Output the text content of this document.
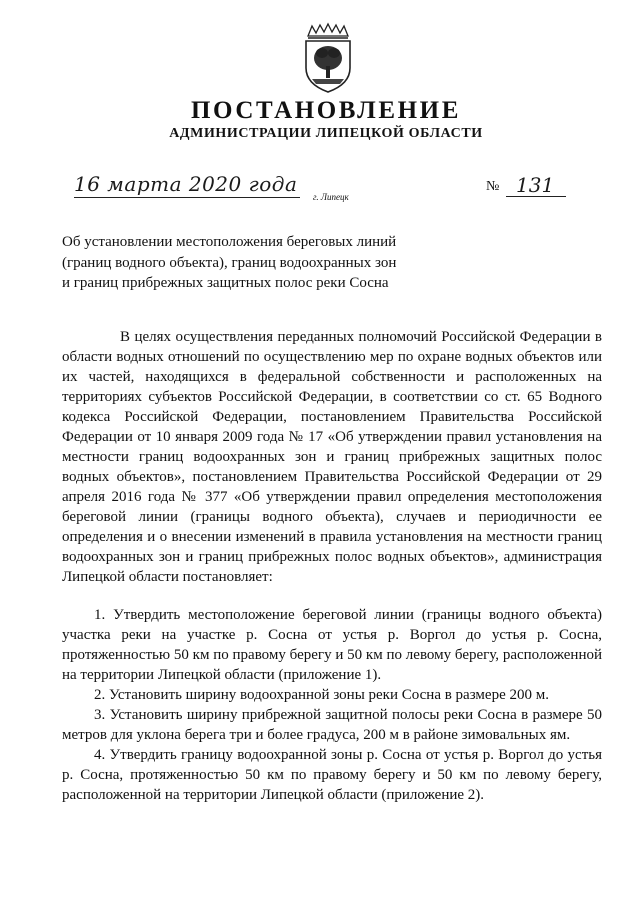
ПОСТАНОВЛЕНИЕ
АДМИНИСТРАЦИИ ЛИПЕЦКОЙ ОБЛАСТИ
16 марта 2020 года
г. Липецк
№ 131
Об установлении местоположения береговых линий (границ водного объекта), границ водоохранных зон и границ прибрежных защитных полос реки Сосна

В целях осуществления переданных полномочий Российской Федерации в области водных отношений по осуществлению мер по охране водных объектов или их частей, находящихся в федеральной собственности и расположенных на территориях субъектов Российской Федерации, в соответствии со ст. 65 Водного кодекса Российской Федерации, постановлением Правительства Российской Федерации от 10 января 2009 года № 17 «Об утверждении правил установления на местности границ водоохранных зон и границ прибрежных защитных полос водных объектов», постановлением Правительства Российской Федерации от 29 апреля 2016 года № 377 «Об утверждении правил определения местоположения береговой линии (границы водного объекта), случаев и периодичности ее определения и о внесении изменений в правила установления на местности границ водоохранных зон и границ прибрежных полос водных объектов», администрация Липецкой области постановляет:

1. Утвердить местоположение береговой линии (границы водного объекта) участка реки на участке р. Сосна от устья р. Воргол до устья р. Сосна, протяженностью 50 км по правому берегу и 50 км по левому берегу, расположенной на территории Липецкой области (приложение 1).

2. Установить ширину водоохранной зоны реки Сосна в размере 200 м.

3. Установить ширину прибрежной защитной полосы реки Сосна в размере 50 метров для уклона берега три и более градуса, 200 м в районе зимовальных ям.

4. Утвердить границу водоохранной зоны р. Сосна от устья р. Воргол до устья р. Сосна, протяженностью 50 км по правому берегу и 50 км по левому берегу, расположенной на территории Липецкой области (приложение 2).
